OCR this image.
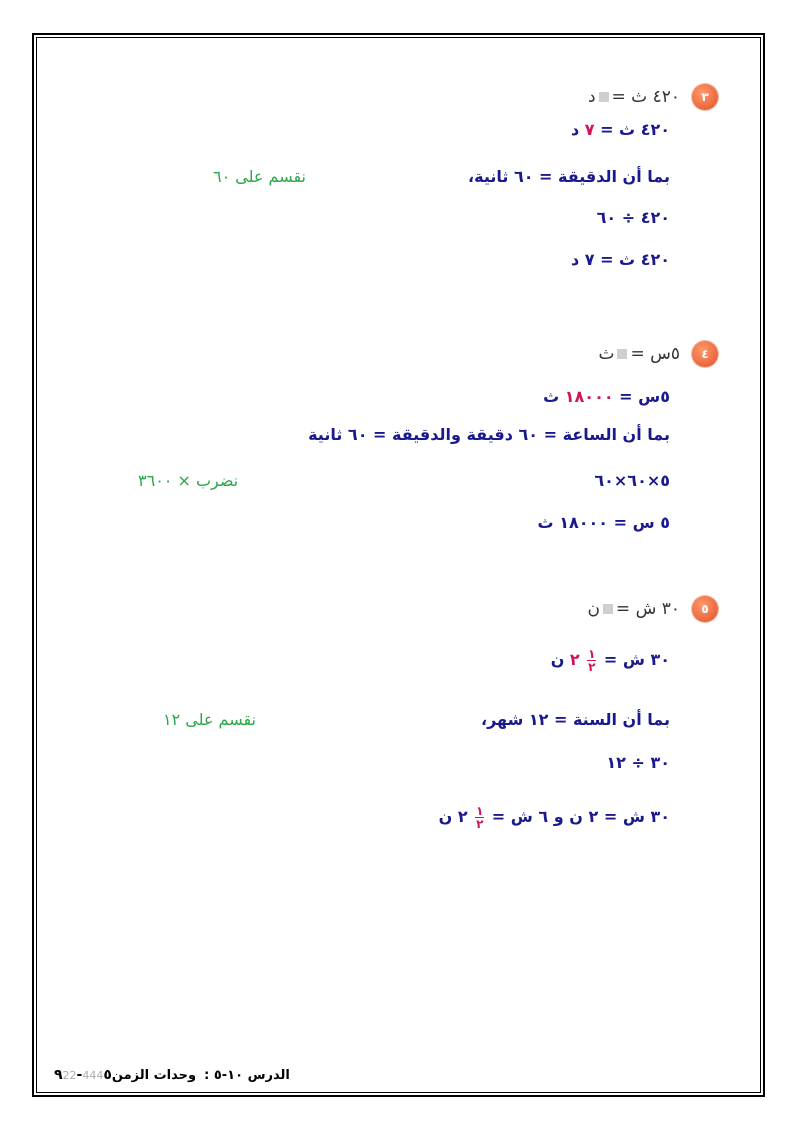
٣
٤٢٠ ث =
د
٤٢٠ ث = ٧ د
بما أن الدقيقة = ٦٠ ثانية،
نقسم على ٦٠
٤٢٠ ÷ ٦٠
٤٢٠ ث = ٧ د
٤
٥س =
ث
٥س = ١٨٠٠٠ ث
بما أن الساعة = ٦٠ دقيقة والدقيقة = ٦٠ ثانية
نضرب × ٣٦٠٠	٥×٦٠×٦٠
٥ س = ١٨٠٠٠ ث
٥
٣٠ ش =
ن
٣٠ ش =
$\frac{١}{٢}$
٢ ن
بما أن السنة = ١٢ شهر،
نقسم على ١٢
٣٠ ÷ ١٢
٣٠ ش = ٢ ن و ٦ ش =
$\frac{١}{٢}$
٢ ن
الدرس ١٠-٥ :
وحدات الزمن
444٥-٩22
